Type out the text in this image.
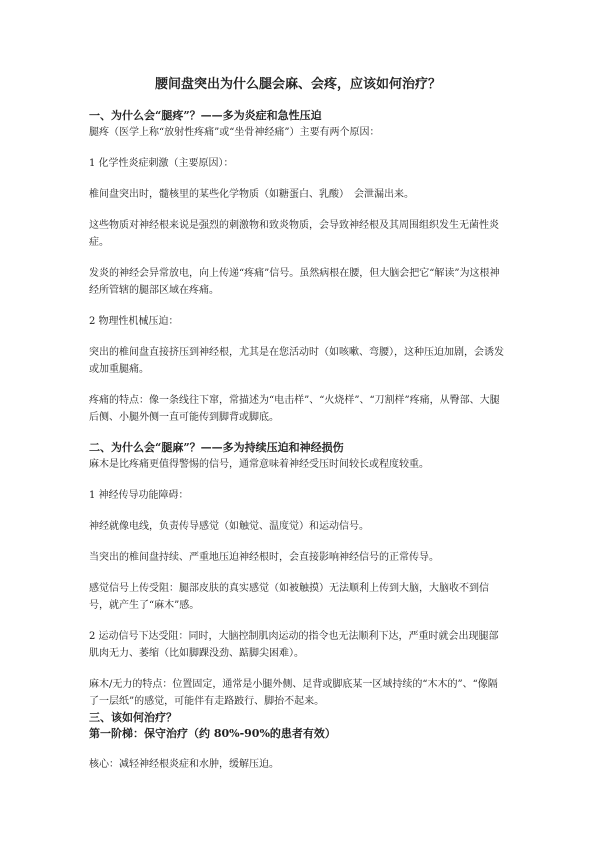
腰间盘突出为什么腿会麻、会疼，应该如何治疗？
一、为什么会“腿疼”？——多为炎症和急性压迫

腿疼（医学上称“放射性疼痛”或“坐骨神经痛”）主要有两个原因：

1 化学性炎症刺激（主要原因）：

椎间盘突出时，髓核里的某些化学物质（如糖蛋白、乳酸）　会泄漏出来。

这些物质对神经根来说是强烈的刺激物和致炎物质，会导致神经根及其周围组织发生无菌性炎症。

发炎的神经会异常放电，向上传递“疼痛”信号。虽然病根在腰，但大脑会把它“解读”为这根神经所管辖的腿部区域在疼痛。

2 物理性机械压迫：

突出的椎间盘直接挤压到神经根，尤其是在您活动时（如咳嗽、弯腰），这种压迫加剧，会诱发或加重腿痛。

疼痛的特点：像一条线往下窜，常描述为“电击样”、“火烧样”、“刀割样”疼痛，从臀部、大腿后侧、小腿外侧一直可能传到脚背或脚底。

二、为什么会“腿麻”？——多为持续压迫和神经损伤

麻木是比疼痛更值得警惕的信号，通常意味着神经受压时间较长或程度较重。

1 神经传导功能障碍：

神经就像电线，负责传导感觉（如触觉、温度觉）和运动信号。

当突出的椎间盘持续、严重地压迫神经根时，会直接影响神经信号的正常传导。

感觉信号上传受阻：腿部皮肤的真实感觉（如被触摸）无法顺利上传到大脑，大脑收不到信号，就产生了“麻木”感。

2 运动信号下达受阻：同时，大脑控制肌肉运动的指令也无法顺利下达，严重时就会出现腿部肌肉无力、萎缩（比如脚踝没劲、踮脚尖困难）。

麻木/无力的特点：位置固定，通常是小腿外侧、足背或脚底某一区域持续的“木木的”、“像隔了一层纸”的感觉，可能伴有走路跛行、脚抬不起来。

三、该如何治疗？
第一阶梯：保守治疗（约 80%-90%的患者有效）

核心：减轻神经根炎症和水肿，缓解压迫。
